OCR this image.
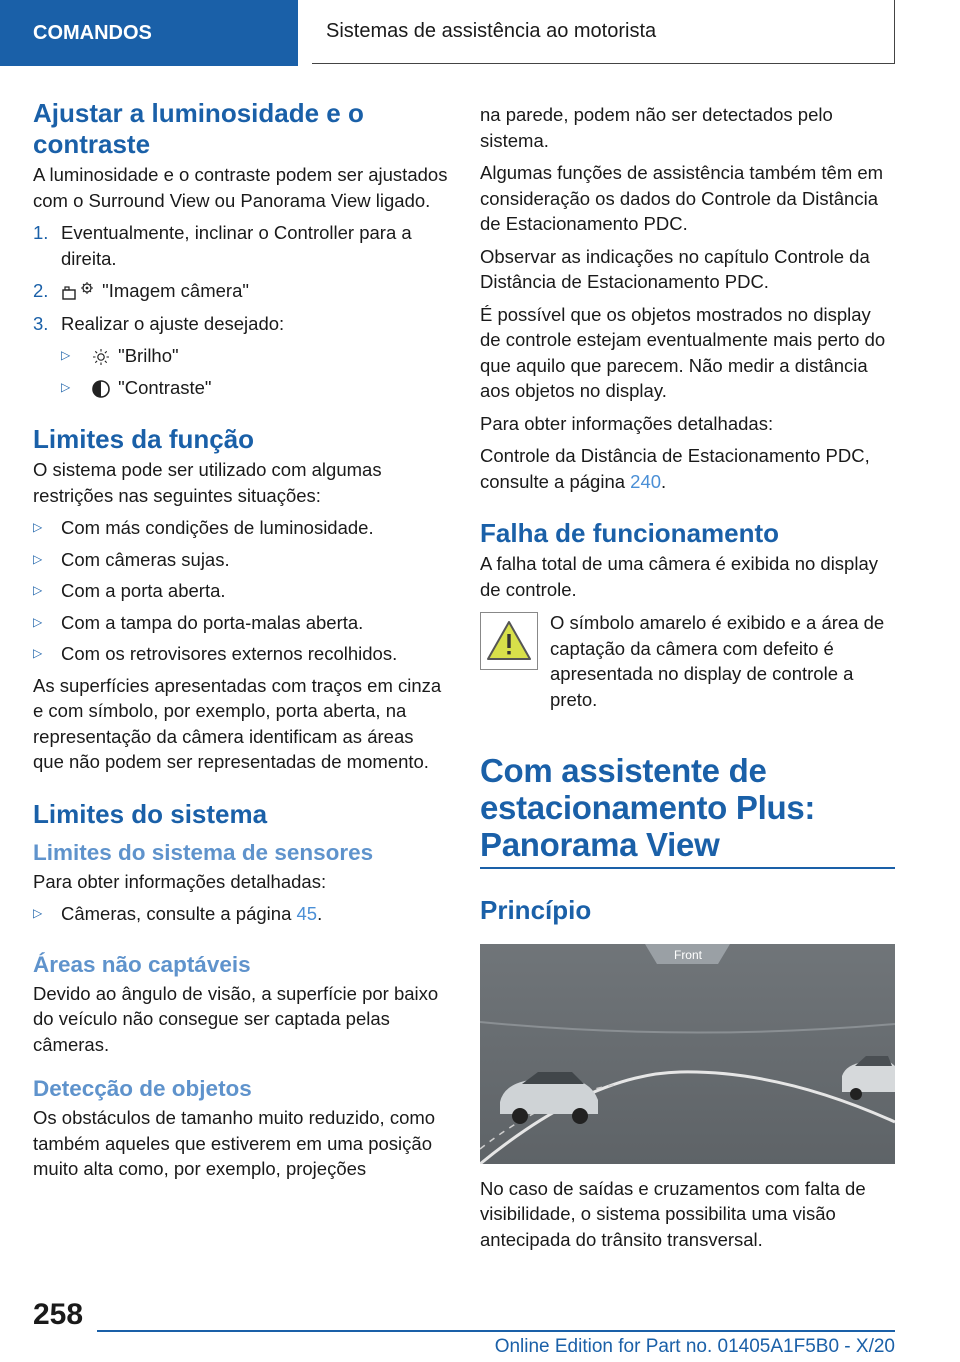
COMANDOS	Sistemas de assistência ao motorista
Ajustar a luminosidade e o contraste

A luminosidade e o contraste podem ser ajustados com o Surround View ou Panorama View ligado.

1. Eventualmente, inclinar o Controller para a direita.
2.	"Imagem câmera"
3. Realizar o ajuste desejado:
▷	"Brilho"
▷	"Contraste"
Limites da função

O sistema pode ser utilizado com algumas restrições nas seguintes situações:

▷	Com más condições de luminosidade.
▷	Com câmeras sujas.
▷	Com a porta aberta.
▷	Com a tampa do porta-malas aberta.
▷	Com os retrovisores externos recolhidos.

As superfícies apresentadas com traços em cinza e com símbolo, por exemplo, porta aberta, na representação da câmera identificam as áreas que não podem ser representadas de momento.

Limites do sistema
Limites do sistema de sensores

Para obter informações detalhadas:

▷	Câmeras, consulte a página 45.
Áreas não captáveis

Devido ao ângulo de visão, a superfície por baixo do veículo não consegue ser captada pelas câmeras.

Detecção de objetos

Os obstáculos de tamanho muito reduzido, como também aqueles que estiverem em uma posição muito alta como, por exemplo, projeções

na parede, podem não ser detectados pelo sistema.

Algumas funções de assistência também têm em consideração os dados do Controle da Distância de Estacionamento PDC.

Observar as indicações no capítulo Controle da Distância de Estacionamento PDC.

É possível que os objetos mostrados no display de controle estejam eventualmente mais perto do que aquilo que parecem. Não medir a distância aos objetos no display.

Para obter informações detalhadas:

Controle da Distância de Estacionamento PDC, consulte a página 240.

Falha de funcionamento

A falha total de uma câmera é exibida no display de controle.

O símbolo amarelo é exibido e a área de captação da câmera com defeito é apresentada no display de controle a preto.

Com assistente de estacionamento Plus: Panorama View
Princípio
Front

No caso de saídas e cruzamentos com falta de visibilidade, o sistema possibilita uma visão antecipada do trânsito transversal.

258
Online Edition for Part no. 01405A1F5B0 - X/20
